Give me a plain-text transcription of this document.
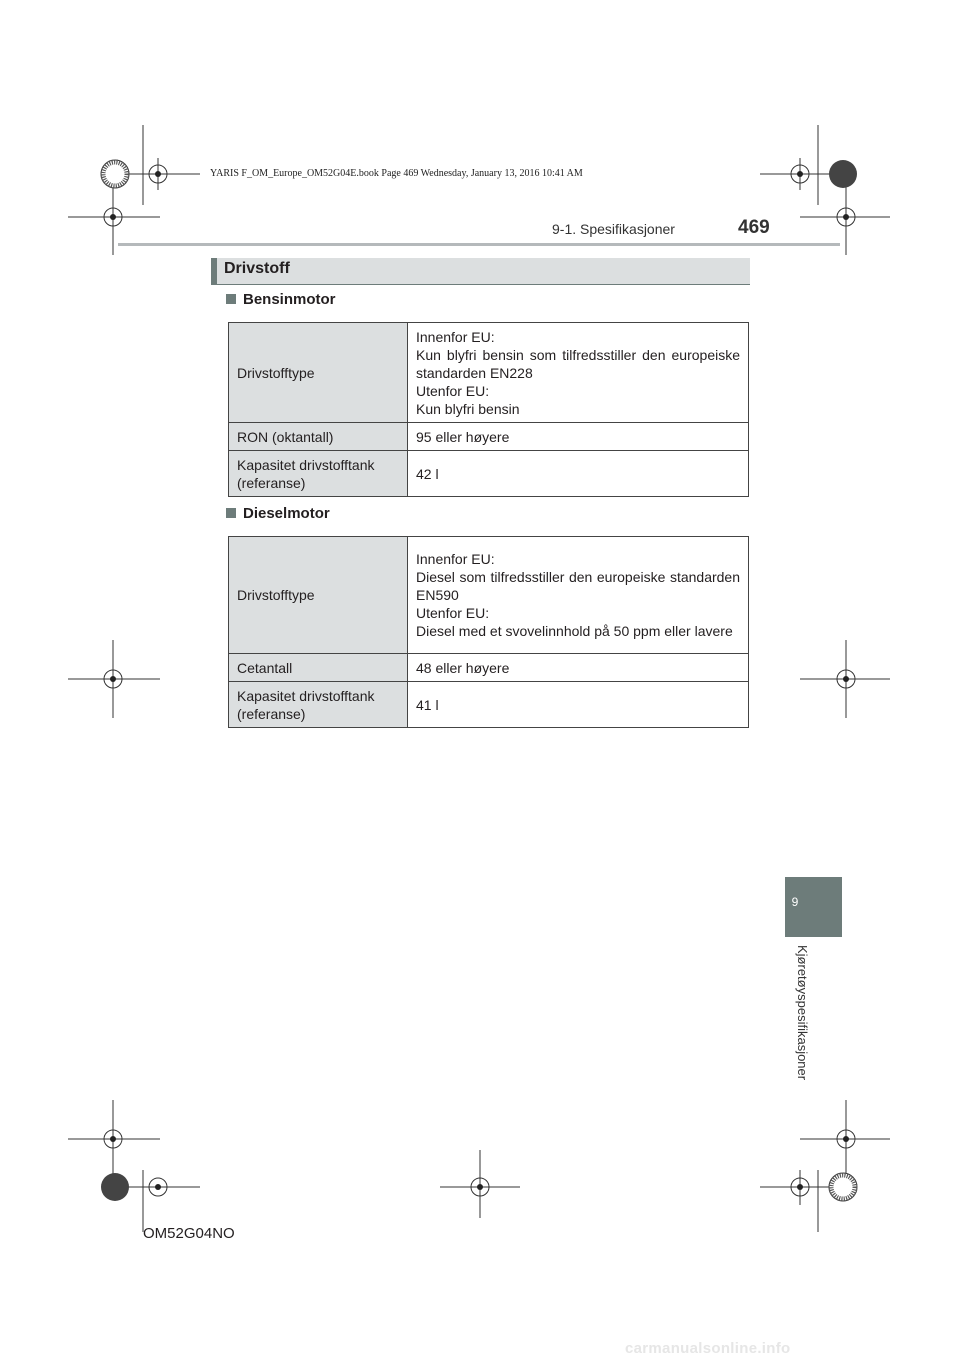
YARIS F_OM_Europe_OM52G04E.book Page 469 Wednesday, January 13, 2016 10:41 AM
9-1. Spesifikasjoner	469
Drivstoff
Bensinmotor
Drivstofftype	Innenfor EU:
Kun blyfri bensin som tilfredsstiller den europeiske standarden EN228
Utenfor EU:
Kun blyfri bensin

RON (oktantall)	95 eller høyere
Kapasitet drivstofftank (referanse)	42 l
Dieselmotor
Drivstofftype	Innenfor EU:
Diesel som tilfredsstiller den europeiske standarden EN590
Utenfor EU:
Diesel med et svovelinnhold på 50 ppm eller lavere

Cetantall	48 eller høyere
Kapasitet drivstofftank (referanse)	41 l
9
Kjøretøyspesifikasjoner
OM52G04NO
carmanualsonline.info
